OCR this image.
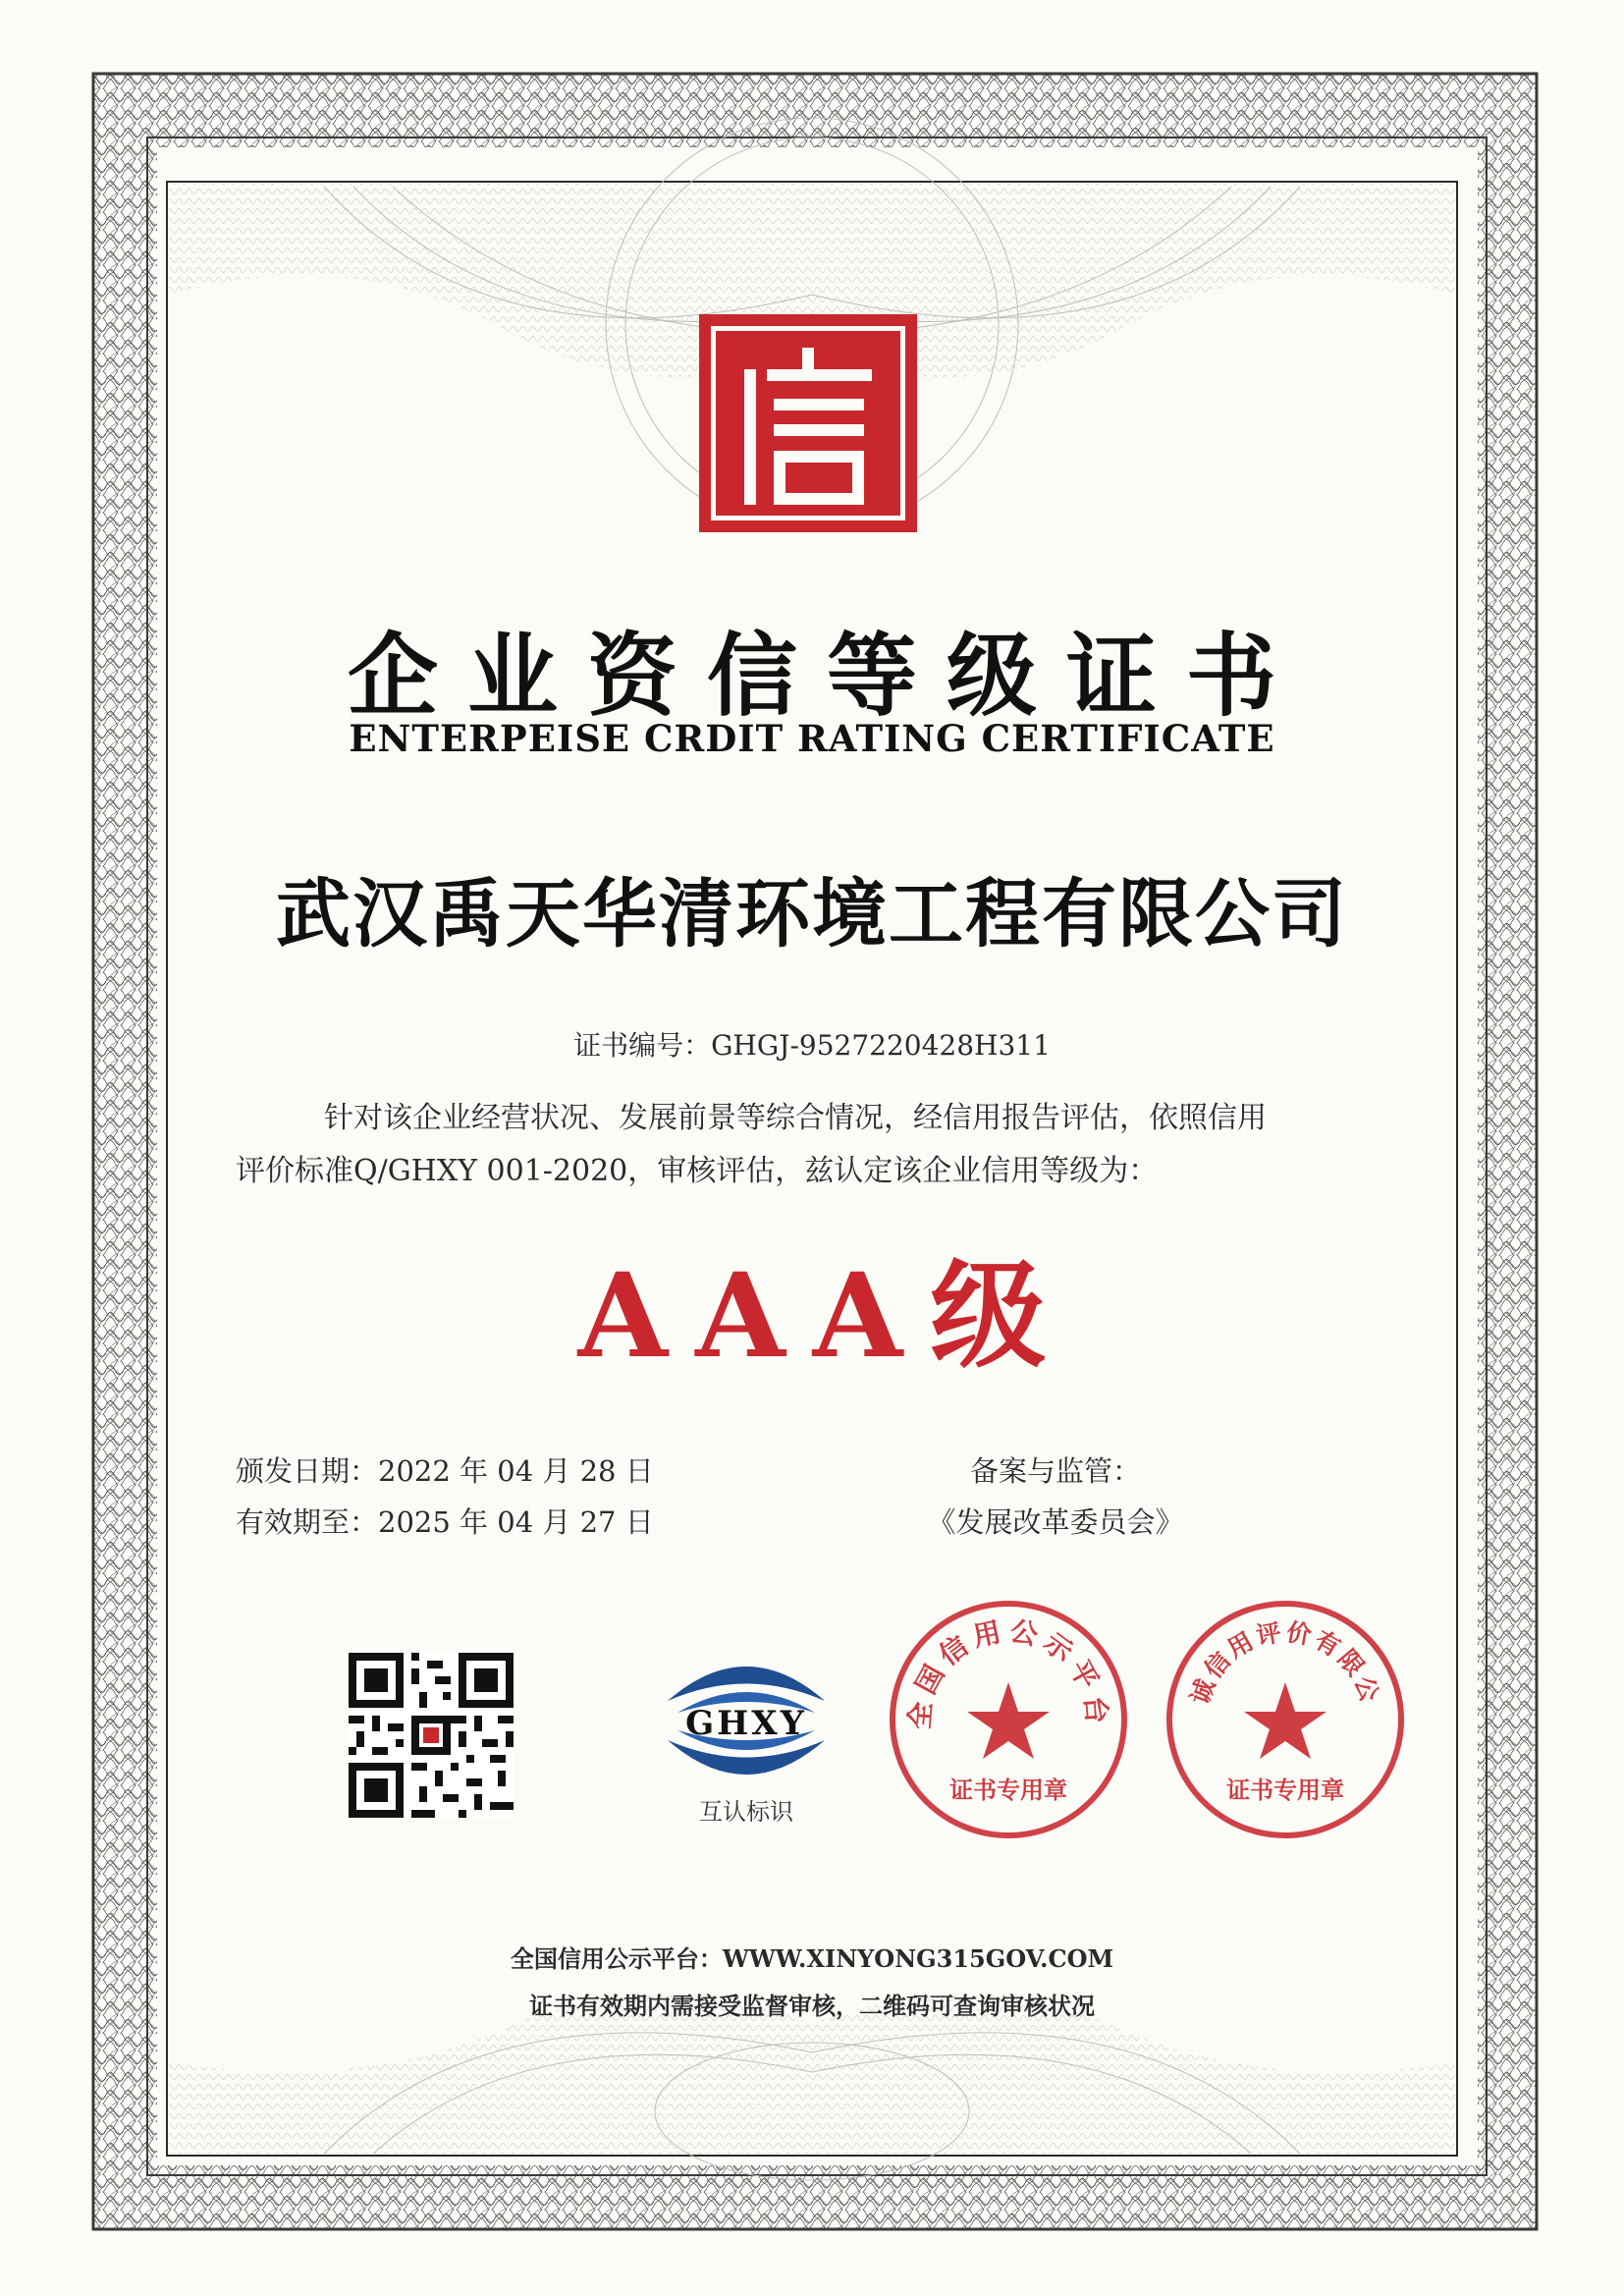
企业资信等级证书
ENTERPEISE CRDIT RATING CERTIFICATE
武汉禹天华清环境工程有限公司
证书编号：GHGJ-9527220428H311
针对该企业经营状况、发展前景等综合情况，经信用报告评估，依照信用
评价标准Q/GHXY 001-2020，审核评估，兹认定该企业信用等级为：
AAA级
颁发日期：2022 年 04 月 28 日
有效期至：2025 年 04 月 27 日
备案与监管：
《发展改革委员会》
GHXY
互认标识
全国信用公示平台
证书专用章
诚信用评价有限公
证书专用章
全国信用公示平台：WWW.XINYONG315GOV.COM
证书有效期内需接受监督审核，二维码可查询审核状况
